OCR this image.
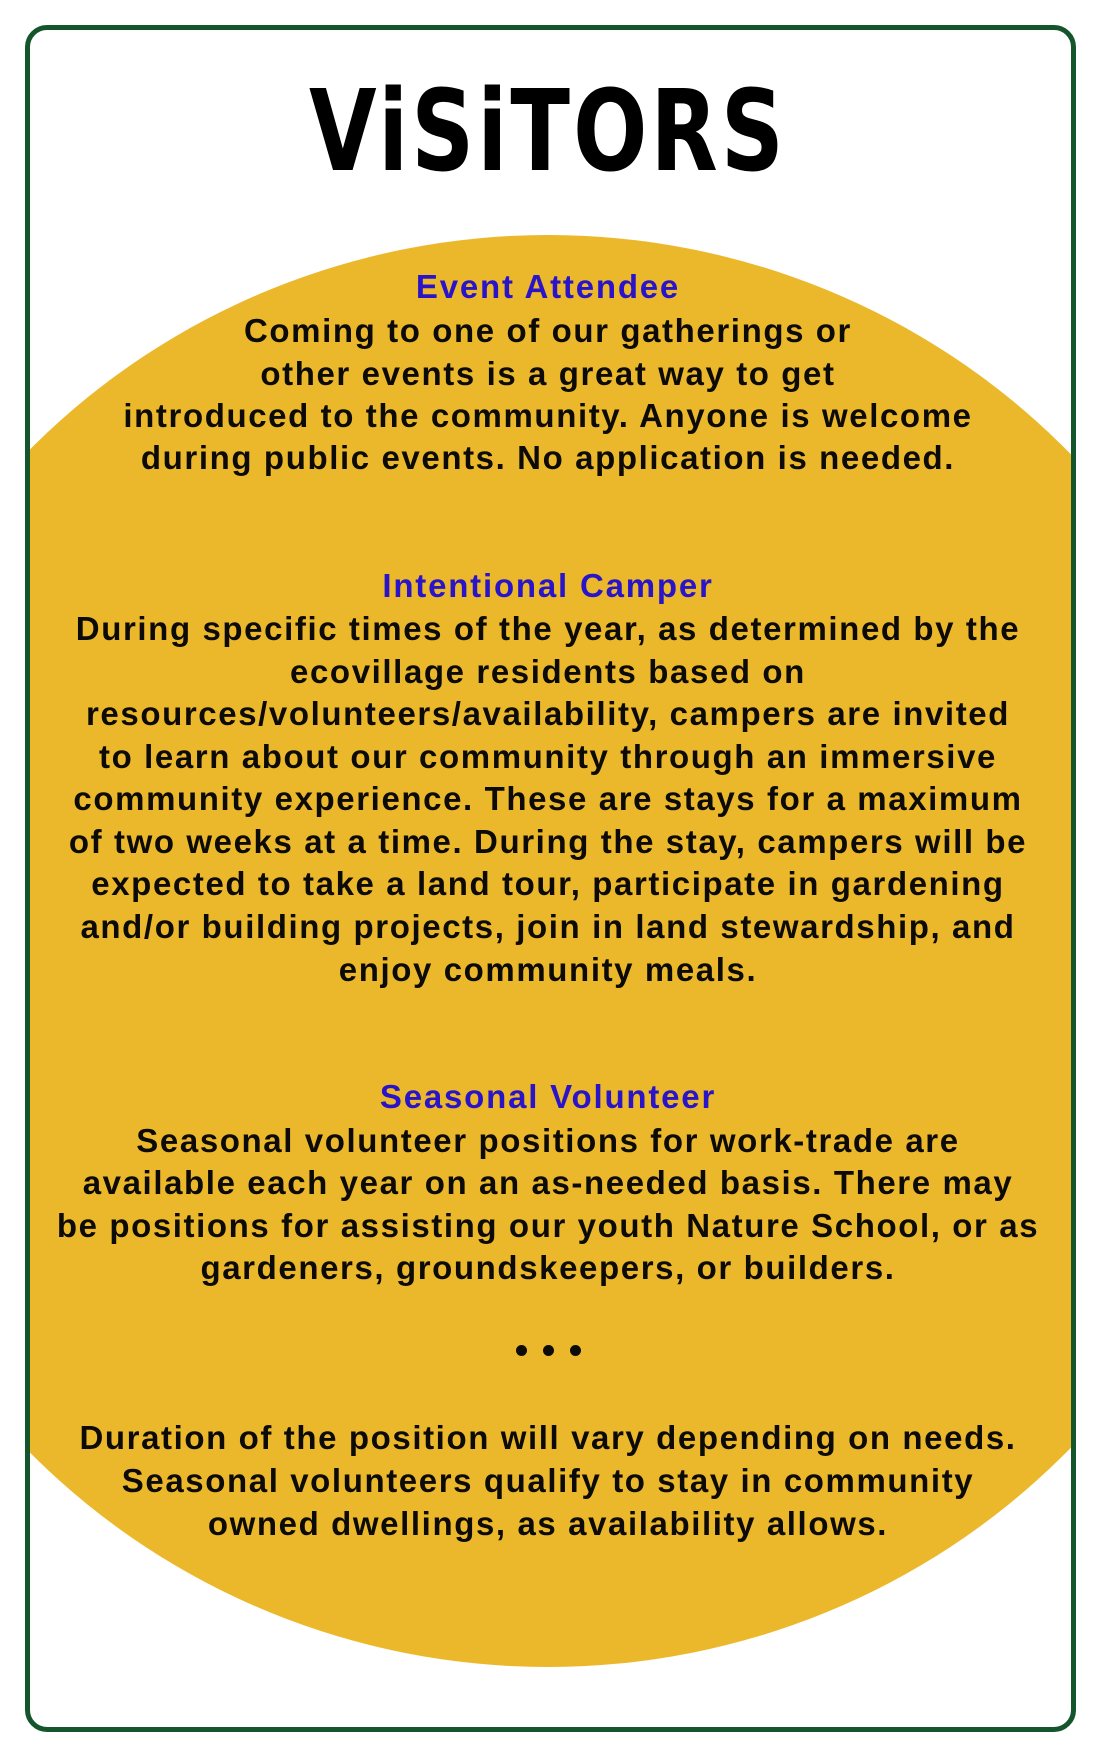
ViSiTORS
Event Attendee
Coming to one of our gatherings or
other events is a great way to get
introduced to the community. Anyone is welcome
during public events. No application is needed.
Intentional Camper
During specific times of the year, as determined by the
ecovillage residents based on
resources/volunteers/availability, campers are invited
to learn about our community through an immersive
community experience. These are stays for a maximum
of two weeks at a time. During the stay, campers will be
expected to take a land tour, participate in gardening
and/or building projects, join in land stewardship, and
enjoy community meals.
Seasonal Volunteer
Seasonal volunteer positions for work-trade are
available each year on an as-needed basis. There may
be positions for assisting our youth Nature School, or as
gardeners, groundskeepers, or builders.
Duration of the position will vary depending on needs.
Seasonal volunteers qualify to stay in community
owned dwellings, as availability allows.
